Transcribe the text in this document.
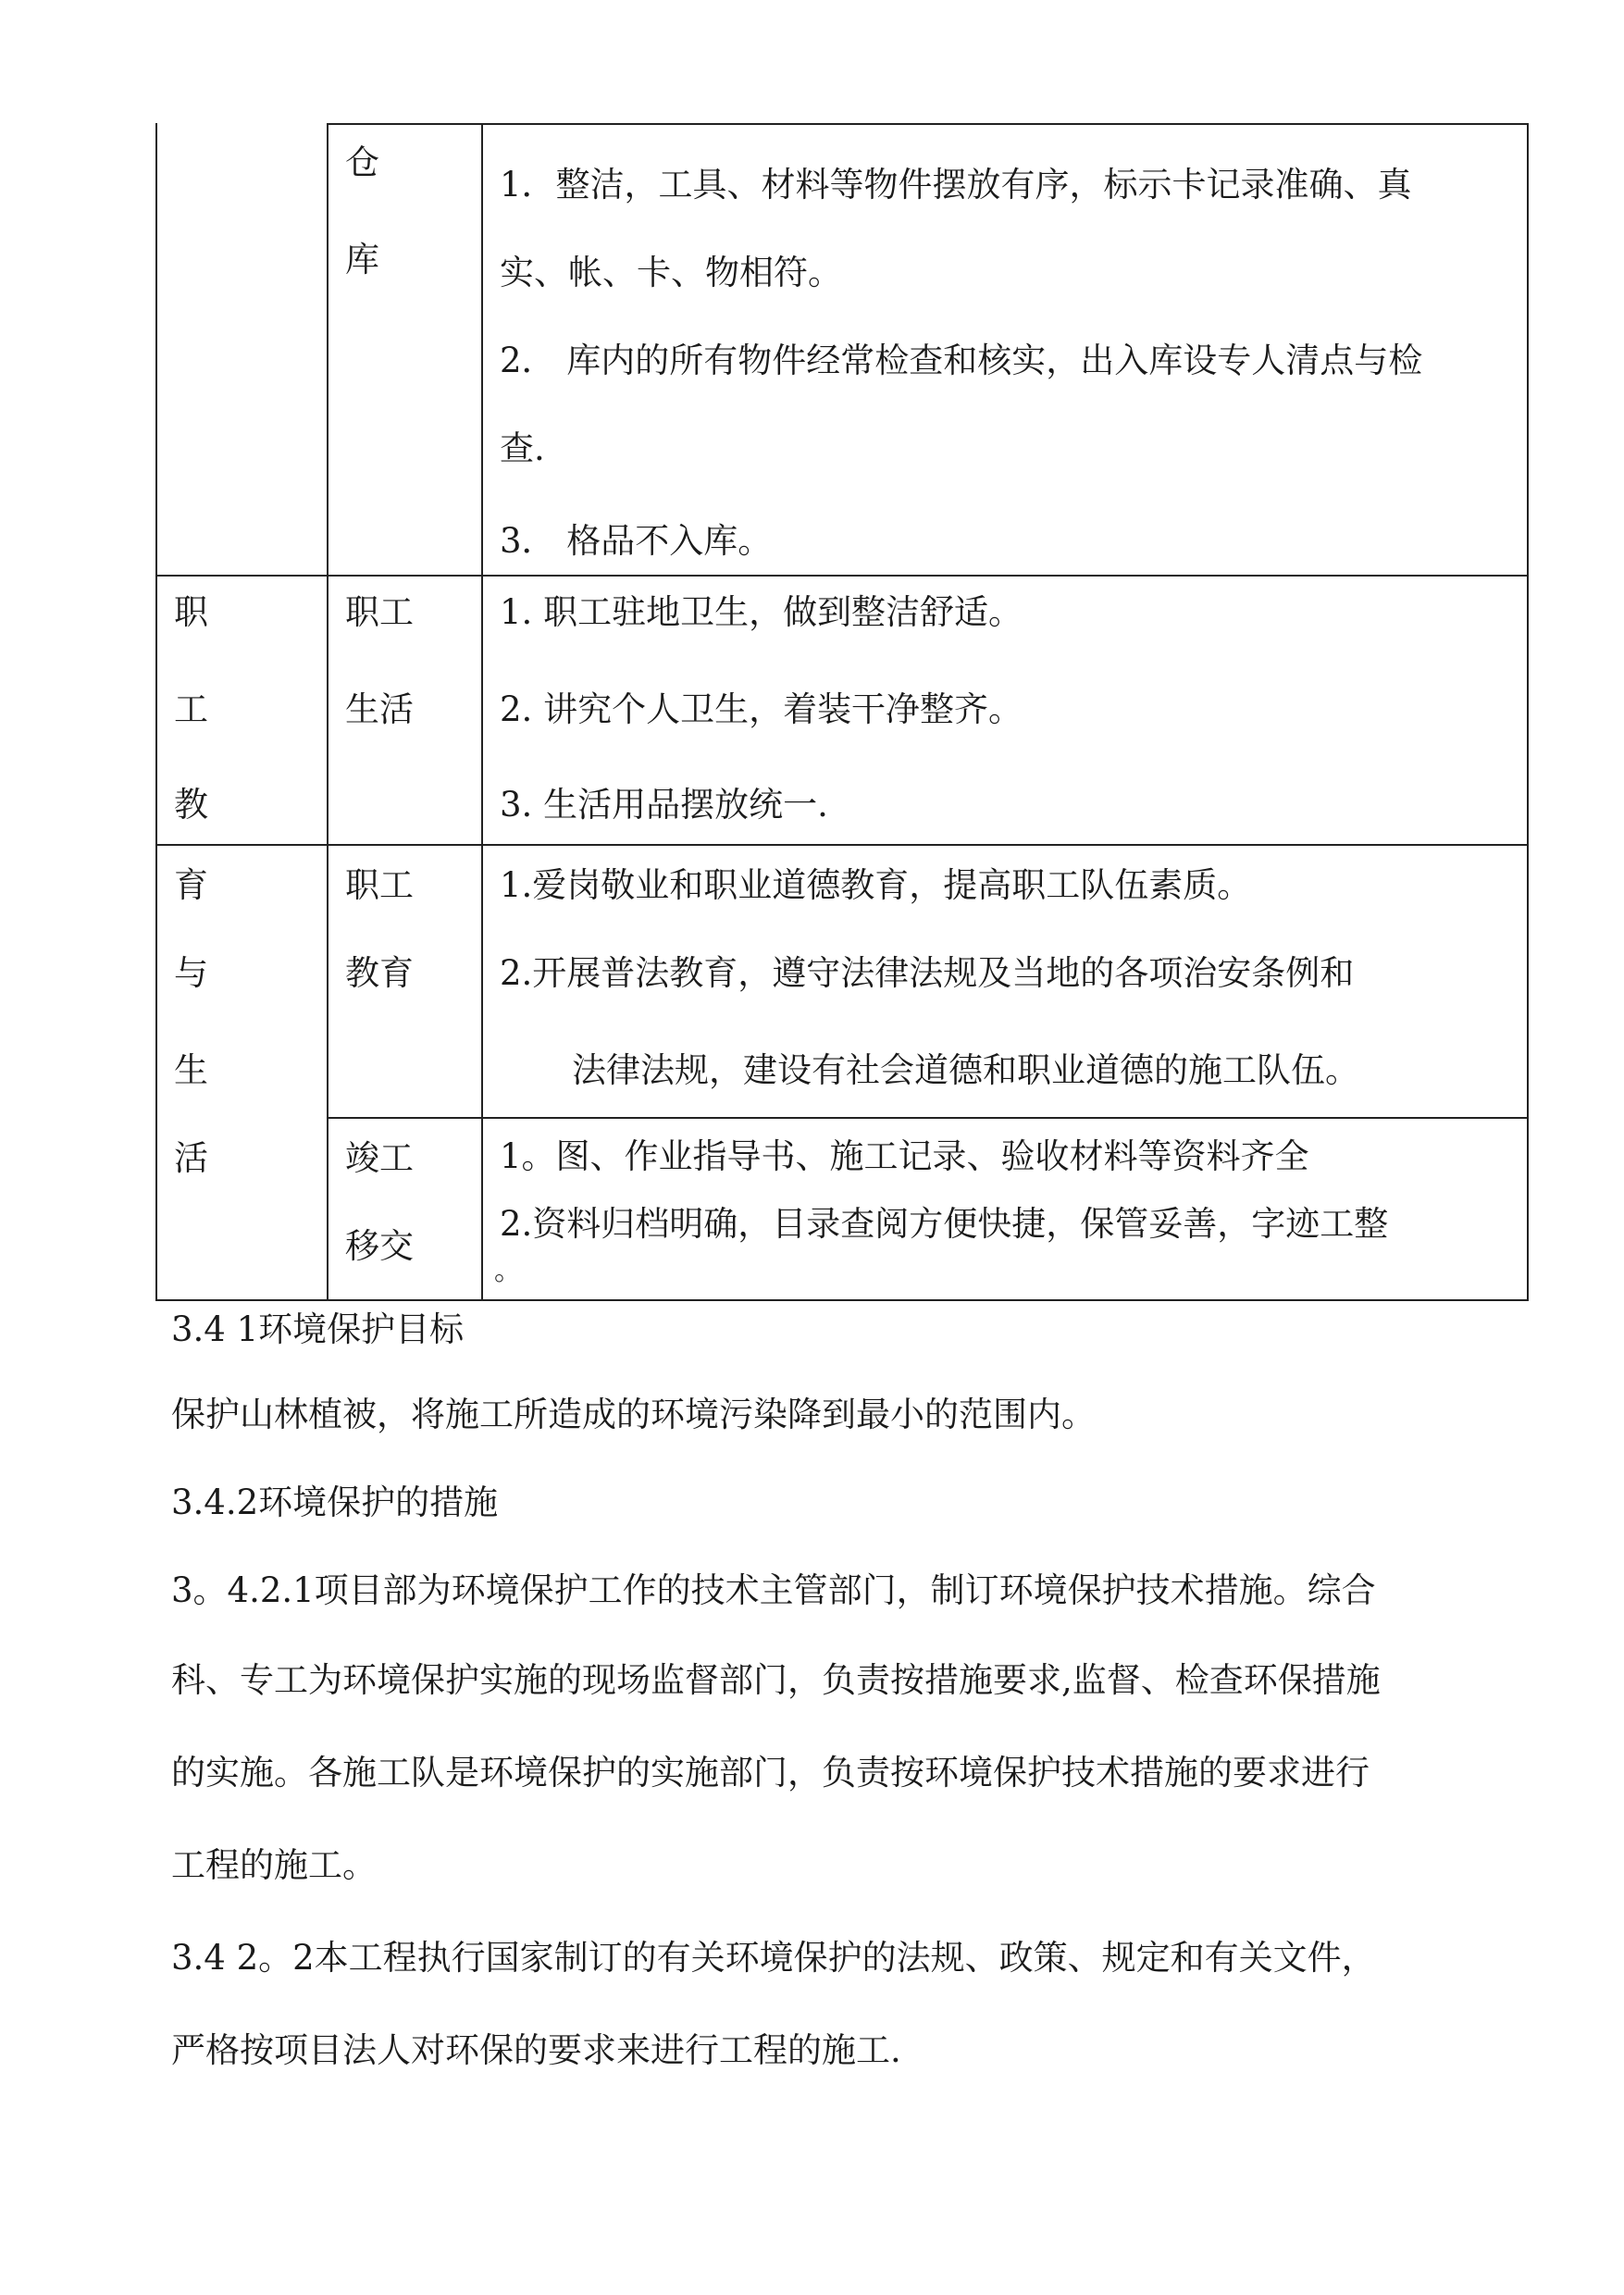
仓
库
1．整洁，工具、材料等物件摆放有序，标示卡记录准确、真
实、帐、卡、物相符。
2． 库内的所有物件经常检查和核实，出入库设专人清点与检
查.
3． 格品不入库。
职
工
教
职工
生活
1. 职工驻地卫生，做到整洁舒适。
2. 讲究个人卫生，着装干净整齐。
3. 生活用品摆放统一.
育
与
生
活
职工
教育
1.爱岗敬业和职业道德教育，提高职工队伍素质。
2.开展普法教育，遵守法律法规及当地的各项治安条例和
法律法规，建设有社会道德和职业道德的施工队伍。
竣工
移交
1。图、作业指导书、施工记录、验收材料等资料齐全
2.资料归档明确，目录查阅方便快捷，保管妥善，字迹工整
。
3.4 1环境保护目标
保护山林植被，将施工所造成的环境污染降到最小的范围内。
3.4.2环境保护的措施
3。4.2.1项目部为环境保护工作的技术主管部门，制订环境保护技术措施。综合
科、专工为环境保护实施的现场监督部门，负责按措施要求,监督、检查环保措施
的实施。各施工队是环境保护的实施部门，负责按环境保护技术措施的要求进行
工程的施工。
3.4 2。2本工程执行国家制订的有关环境保护的法规、政策、规定和有关文件，
严格按项目法人对环保的要求来进行工程的施工.
